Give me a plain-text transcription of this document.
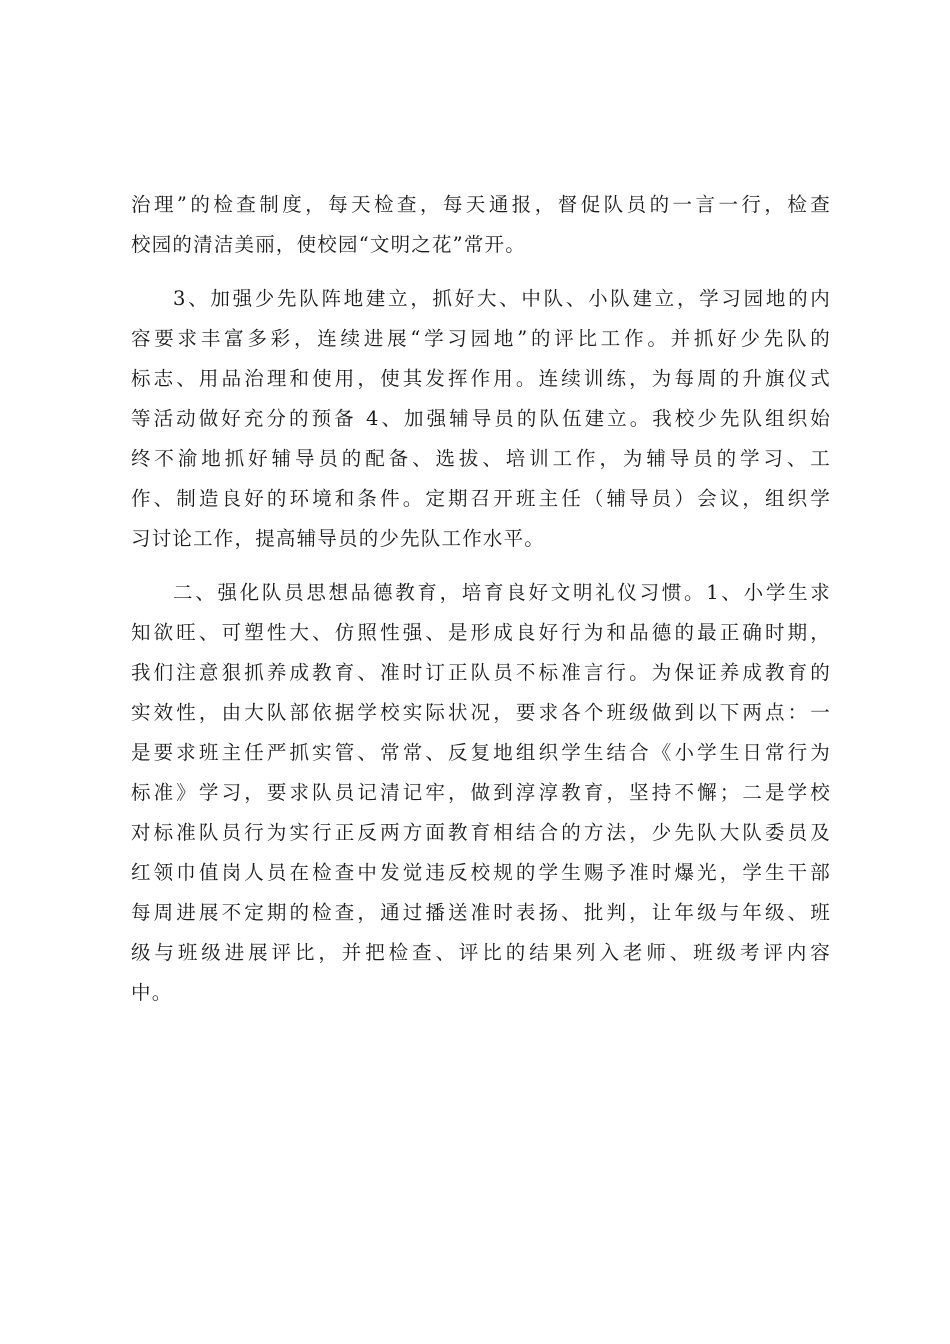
治理”的检查制度，每天检查，每天通报，督促队员的一言一行，检查
校园的清洁美丽，使校园“文明之花”常开。
3、加强少先队阵地建立，抓好大、中队、小队建立，学习园地的内
容要求丰富多彩，连续进展“学习园地”的评比工作。并抓好少先队的
标志、用品治理和使用，使其发挥作用。连续训练，为每周的升旗仪式
等活动做好充分的预备 4、加强辅导员的队伍建立。我校少先队组织始
终不渝地抓好辅导员的配备、选拔、培训工作，为辅导员的学习、工
作、制造良好的环境和条件。定期召开班主任（辅导员）会议，组织学
习讨论工作，提高辅导员的少先队工作水平。
二、强化队员思想品德教育，培育良好文明礼仪习惯。1、小学生求
知欲旺、可塑性大、仿照性强、是形成良好行为和品德的最正确时期，
我们注意狠抓养成教育、准时订正队员不标准言行。为保证养成教育的
实效性，由大队部依据学校实际状况，要求各个班级做到以下两点：一
是要求班主任严抓实管、常常、反复地组织学生结合《小学生日常行为
标准》学习，要求队员记清记牢，做到淳淳教育，坚持不懈；二是学校
对标准队员行为实行正反两方面教育相结合的方法，少先队大队委员及
红领巾值岗人员在检查中发觉违反校规的学生赐予准时爆光，学生干部
每周进展不定期的检查，通过播送准时表扬、批判，让年级与年级、班
级与班级进展评比，并把检查、评比的结果列入老师、班级考评内容
中。
